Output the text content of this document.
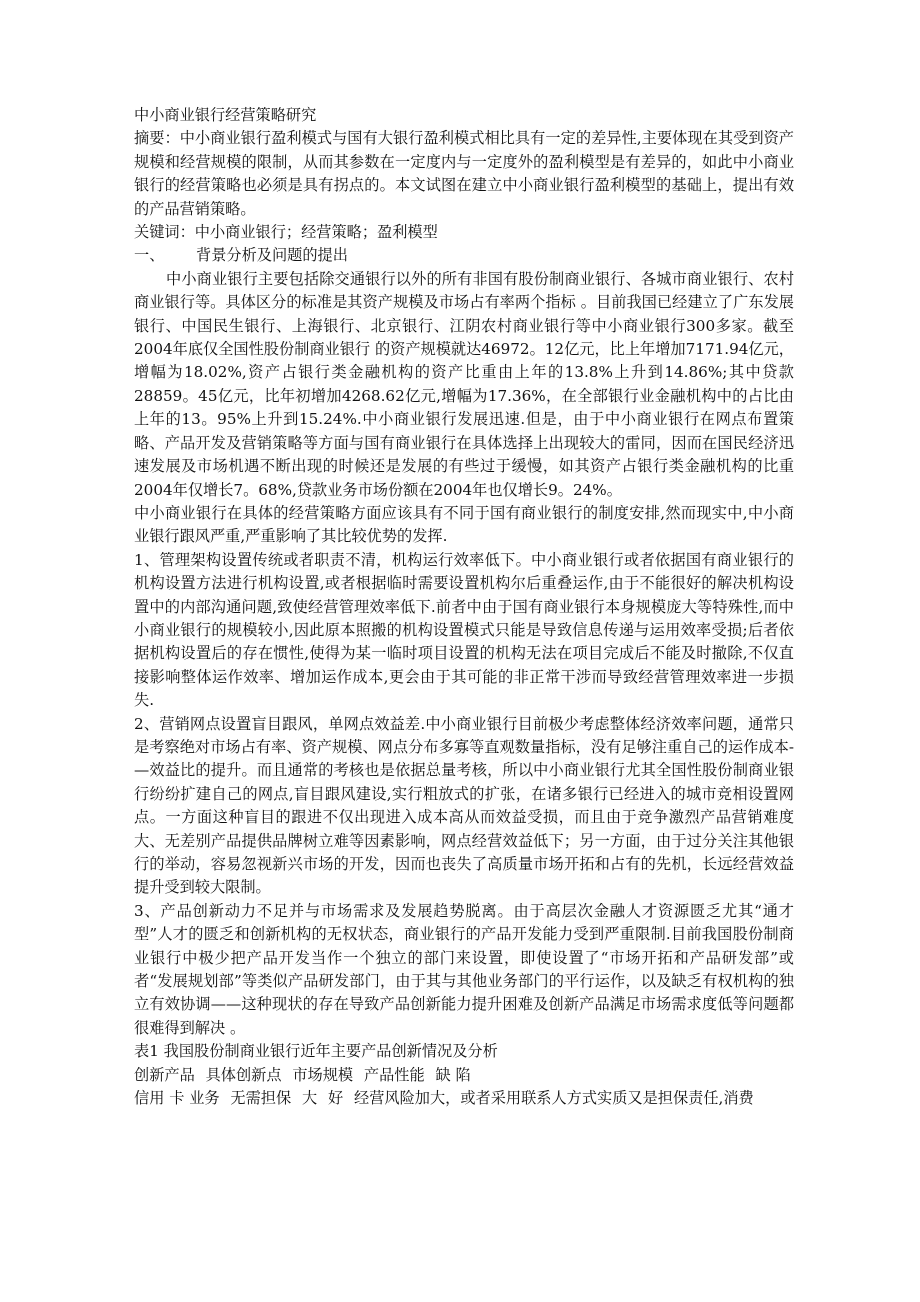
中小商业银行经营策略研究

摘要：中小商业银行盈利模式与国有大银行盈利模式相比具有一定的差异性,主要体现在其受到资产规模和经营规模的限制，从而其参数在一定度内与一定度外的盈利模型是有差异的，如此中小商业银行的经营策略也必须是具有拐点的。本文试图在建立中小商业银行盈利模型的基础上，提出有效的产品营销策略。

关键词：中小商业银行；经营策略；盈利模型

一、 背景分析及问题的提出

中小商业银行主要包括除交通银行以外的所有非国有股份制商业银行、各城市商业银行、农村商业银行等。具体区分的标准是其资产规模及市场占有率两个指标 。目前我国已经建立了广东发展银行、中国民生银行、上海银行、北京银行、江阴农村商业银行等中小商业银行300多家。截至2004年底仅全国性股份制商业银行 的资产规模就达46972。12亿元，比上年增加7171.94亿元，增幅为18.02%,资产占银行类金融机构的资产比重由上年的13.8%上升到14.86%;其中贷款28859。45亿元，比年初增加4268.62亿元,增幅为17.36%，在全部银行业金融机构中的占比由上年的13。95%上升到15.24%.中小商业银行发展迅速.但是，由于中小商业银行在网点布置策略、产品开发及营销策略等方面与国有商业银行在具体选择上出现较大的雷同，因而在国民经济迅速发展及市场机遇不断出现的时候还是发展的有些过于缓慢，如其资产占银行类金融机构的比重2004年仅增长7。68%,贷款业务市场份额在2004年也仅增长9。24%。

中小商业银行在具体的经营策略方面应该具有不同于国有商业银行的制度安排,然而现实中,中小商业银行跟风严重,严重影响了其比较优势的发挥.

1、管理架构设置传统或者职责不清，机构运行效率低下。中小商业银行或者依据国有商业银行的机构设置方法进行机构设置,或者根据临时需要设置机构尔后重叠运作,由于不能很好的解决机构设置中的内部沟通问题,致使经营管理效率低下.前者中由于国有商业银行本身规模庞大等特殊性,而中小商业银行的规模较小,因此原本照搬的机构设置模式只能是导致信息传递与运用效率受损;后者依据机构设置后的存在惯性,使得为某一临时项目设置的机构无法在项目完成后不能及时撤除,不仅直接影响整体运作效率、增加运作成本,更会由于其可能的非正常干涉而导致经营管理效率进一步损失.

2、营销网点设置盲目跟风，单网点效益差.中小商业银行目前极少考虑整体经济效率问题，通常只是考察绝对市场占有率、资产规模、网点分布多寡等直观数量指标，没有足够注重自己的运作成本-—效益比的提升。而且通常的考核也是依据总量考核，所以中小商业银行尤其全国性股份制商业银行纷纷扩建自己的网点,盲目跟风建设,实行粗放式的扩张，在诸多银行已经进入的城市竞相设置网点。一方面这种盲目的跟进不仅出现进入成本高从而效益受损，而且由于竞争激烈产品营销难度大、无差别产品提供品牌树立难等因素影响，网点经营效益低下；另一方面，由于过分关注其他银行的举动，容易忽视新兴市场的开发，因而也丧失了高质量市场开拓和占有的先机，长远经营效益提升受到较大限制。

3、产品创新动力不足并与市场需求及发展趋势脱离。由于高层次金融人才资源匮乏尤其“通才型”人才的匮乏和创新机构的无权状态，商业银行的产品开发能力受到严重限制.目前我国股份制商业银行中极少把产品开发当作一个独立的部门来设置，即使设置了“市场开拓和产品研发部”或者“发展规划部”等类似产品研发部门，由于其与其他业务部门的平行运作，以及缺乏有权机构的独立有效协调——这种现状的存在导致产品创新能力提升困难及创新产品满足市场需求度低等问题都很难得到解决 。

表1 我国股份制商业银行近年主要产品创新情况及分析

创新产品 具体创新点 市场规模 产品性能 缺 陷

信用 卡 业务 无需担保 大 好 经营风险加大，或者采用联系人方式实质又是担保责任,消费
